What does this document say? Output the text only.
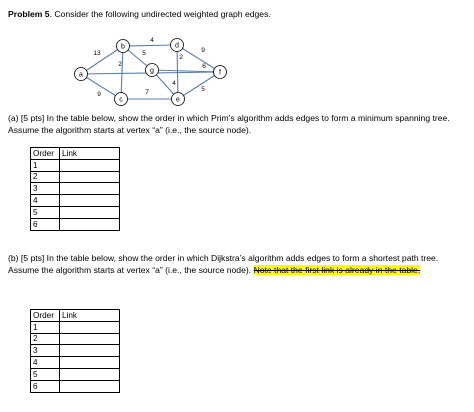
Problem 5. Consider the following undirected weighted graph edges.
13
9
2
5
4
9
2
6
4
7	5
a
b
c
d
e
f
g
(a) [5 pts] In the table below, show the order in which Prim’s algorithm adds edges to form a minimum spanning tree. Assume the algorithm starts at vertex “a” (i.e., the source node).
Order	Link
1	
2	
3	
4	
5	
6	
(b) [5 pts] In the table below, show the order in which Dijkstra’s algorithm adds edges to form a shortest path tree. Assume the algorithm starts at vertex “a” (i.e., the source node). Note that the first link is already in the table.
Order	Link
1	
2	
3	
4	
5	
6	
